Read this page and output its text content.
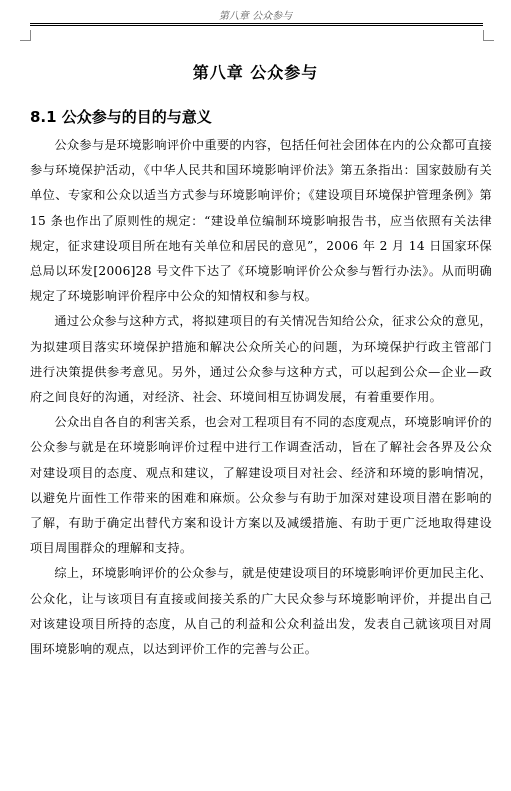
第八章 公众参与
第八章 公众参与
8.1 公众参与的目的与意义

公众参与是环境影响评价中重要的内容，包括任何社会团体在内的公众都可直接参与环境保护活动，《中华人民共和国环境影响评价法》第五条指出：国家鼓励有关单位、专家和公众以适当方式参与环境影响评价；《建设项目环境保护管理条例》第 15 条也作出了原则性的规定：“建设单位编制环境影响报告书，应当依照有关法律规定，征求建设项目所在地有关单位和居民的意见”，2006 年 2 月 14 日国家环保总局以环发[2006]28 号文件下达了《环境影响评价公众参与暂行办法》。从而明确规定了环境影响评价程序中公众的知情权和参与权。

通过公众参与这种方式，将拟建项目的有关情况告知给公众，征求公众的意见，为拟建项目落实环境保护措施和解决公众所关心的问题，为环境保护行政主管部门进行决策提供参考意见。另外，通过公众参与这种方式，可以起到公众—企业—政府之间良好的沟通，对经济、社会、环境间相互协调发展，有着重要作用。

公众出自各自的利害关系，也会对工程项目有不同的态度观点，环境影响评价的公众参与就是在环境影响评价过程中进行工作调查活动，旨在了解社会各界及公众对建设项目的态度、观点和建议，了解建设项目对社会、经济和环境的影响情况，以避免片面性工作带来的困难和麻烦。公众参与有助于加深对建设项目潜在影响的了解，有助于确定出替代方案和设计方案以及减缓措施、有助于更广泛地取得建设项目周围群众的理解和支持。

综上，环境影响评价的公众参与，就是使建设项目的环境影响评价更加民主化、公众化，让与该项目有直接或间接关系的广大民众参与环境影响评价，并提出自己对该建设项目所持的态度，从自己的利益和公众利益出发，发表自己就该项目对周围环境影响的观点，以达到评价工作的完善与公正。
